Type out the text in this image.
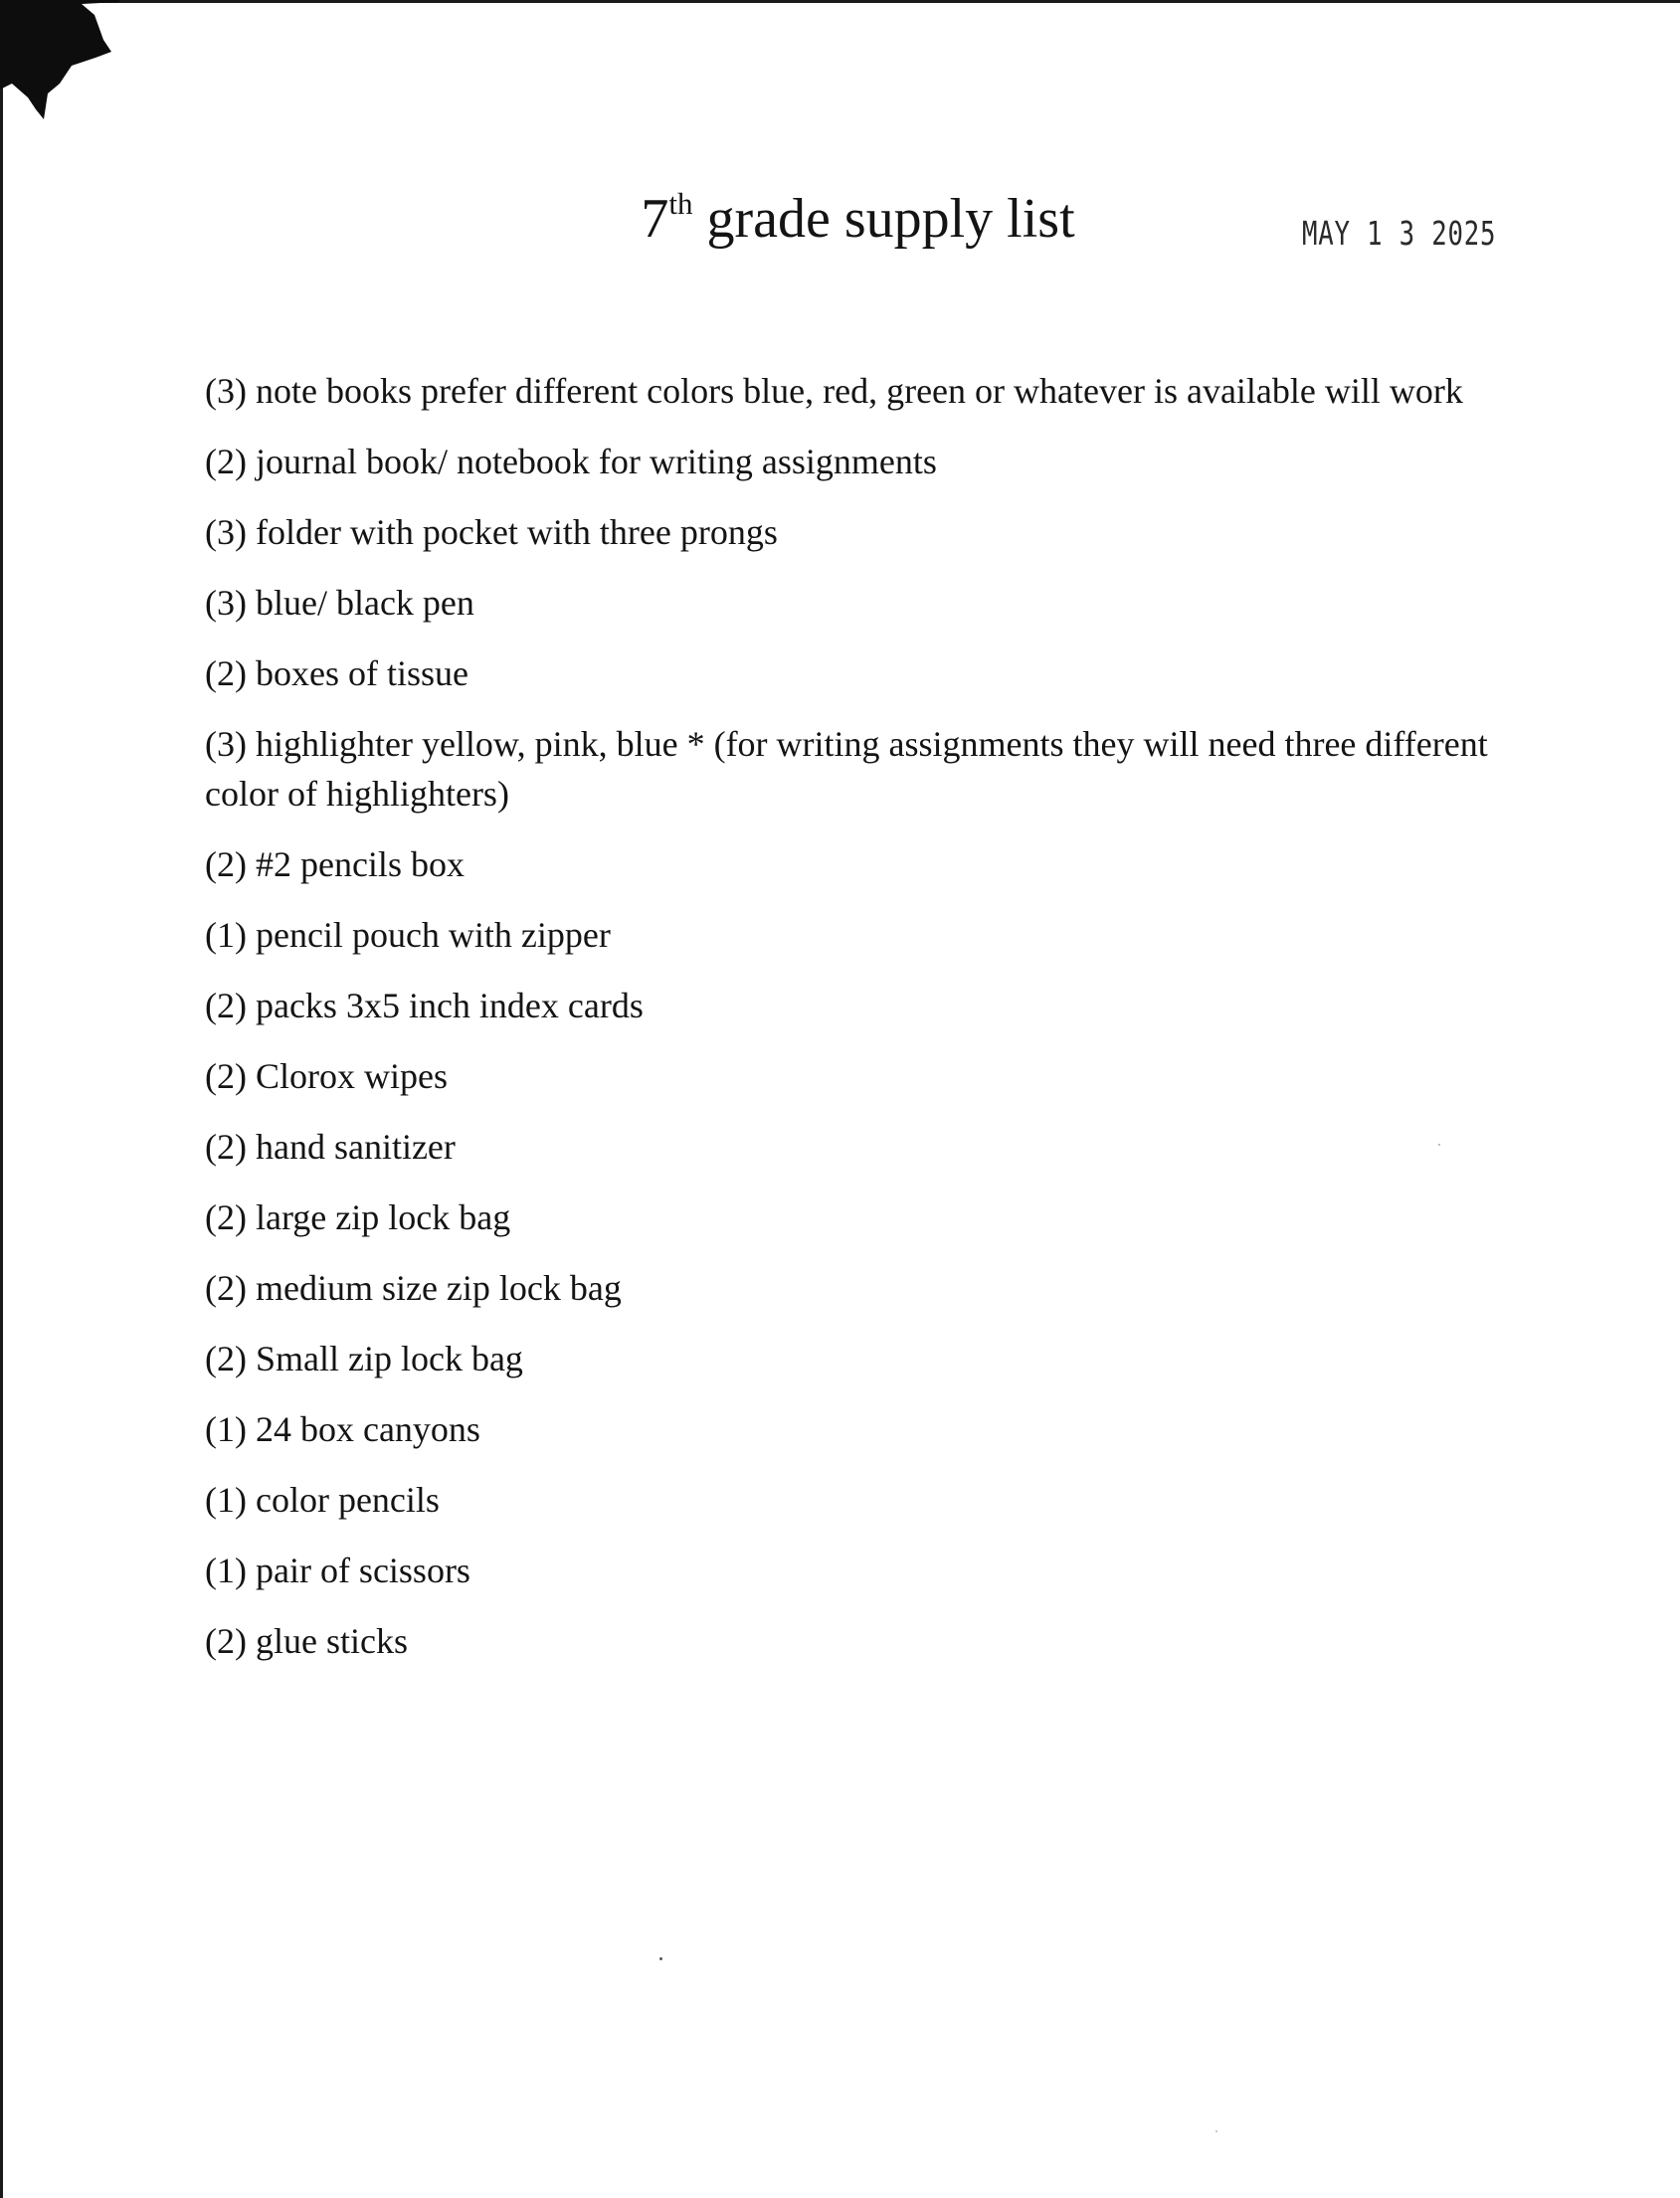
7th grade supply list	MAY 1 3 2025
(3) note books prefer different colors blue, red, green or whatever is available will work
(2) journal book/ notebook for writing assignments
(3) folder with pocket with three prongs
(3) blue/ black pen
(2) boxes of tissue
(3) highlighter yellow, pink, blue * (for writing assignments they will need three different color of highlighters)
(2) #2 pencils box
(1) pencil pouch with zipper
(2) packs 3x5 inch index cards
(2) Clorox wipes
(2) hand sanitizer
(2) large zip lock bag
(2) medium size zip lock bag
(2) Small zip lock bag
(1) 24 box canyons
(1) color pencils
(1) pair of scissors
(2) glue sticks
